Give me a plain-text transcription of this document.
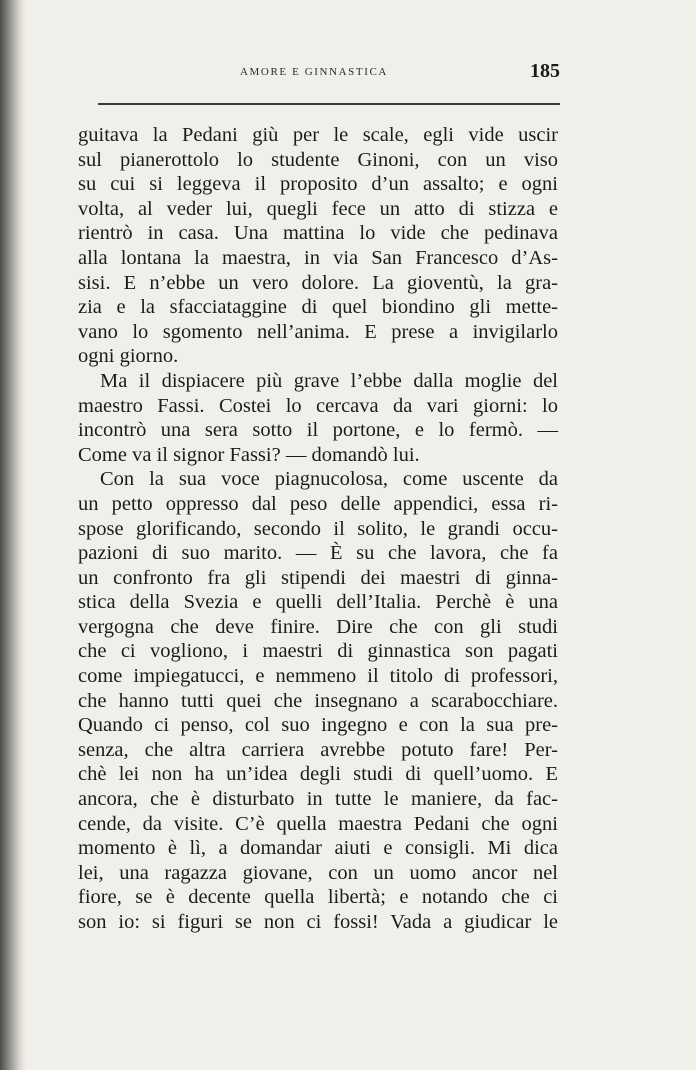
AMORE E GINNASTICA	185
guitava la Pedani giù per le scale, egli vide uscir
sul pianerottolo lo studente Ginoni, con un viso
su cui si leggeva il proposito d’un assalto; e ogni
volta, al veder lui, quegli fece un atto di stizza e
rientrò in casa. Una mattina lo vide che pedinava
alla lontana la maestra, in via San Francesco d’As-
sisi. E n’ebbe un vero dolore. La gioventù, la gra-
zia e la sfacciataggine di quel biondino gli mette-
vano lo sgomento nell’anima. E prese a invigilarlo
ogni giorno.
Ma il dispiacere più grave l’ebbe dalla moglie del
maestro Fassi. Costei lo cercava da vari giorni: lo
incontrò una sera sotto il portone, e lo fermò. —
Come va il signor Fassi? — domandò lui.
Con la sua voce piagnucolosa, come uscente da
un petto oppresso dal peso delle appendici, essa ri-
spose glorificando, secondo il solito, le grandi occu-
pazioni di suo marito. — È su che lavora, che fa
un confronto fra gli stipendi dei maestri di ginna-
stica della Svezia e quelli dell’Italia. Perchè è una
vergogna che deve finire. Dire che con gli studi
che ci vogliono, i maestri di ginnastica son pagati
come impiegatucci, e nemmeno il titolo di professori,
che hanno tutti quei che insegnano a scarabocchiare.
Quando ci penso, col suo ingegno e con la sua pre-
senza, che altra carriera avrebbe potuto fare! Per-
chè lei non ha un’idea degli studi di quell’uomo. E
ancora, che è disturbato in tutte le maniere, da fac-
cende, da visite. C’è quella maestra Pedani che ogni
momento è lì, a domandar aiuti e consigli. Mi dica
lei, una ragazza giovane, con un uomo ancor nel
fiore, se è decente quella libertà; e notando che ci
son io: si figuri se non ci fossi! Vada a giudicar le
